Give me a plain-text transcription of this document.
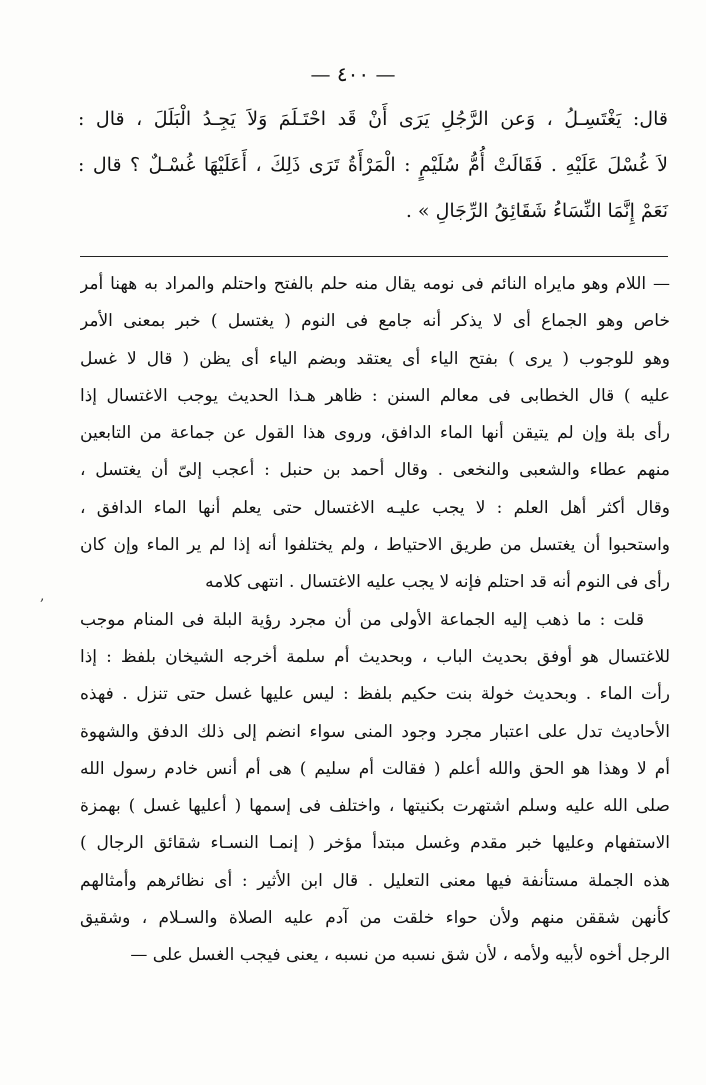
— ٤٠٠ —
قال: يَغْتَسِـلُ ، وَعن الرَّجُلِ يَرَى أَنْ قَد احْتَـلَمَ وَلاَ يَجِـدُ الْبَلَلَ ، قال :
لاَ غُسْلَ عَلَيْهِ . فَقَالَتْ أُمُّ سُلَيْمٍ : الْمَرْأَةُ تَرَى ذَلِكَ ، أَعَلَيْهَا غُسْـلٌ ؟ قال :
نَعَمْ إِنَّمَا النِّسَاءُ شَقَائِقُ الرِّجَالِ » .
— اللام وهو مايراه النائم فى نومه يقال منه حلم بالفتح واحتلم والمراد به ههنا أمر
خاص وهو الجماع أى لا يذكر أنه جامع فى النوم ( يغتسل ) خبر بمعنى الأمر
وهو للوجوب ( يرى ) بفتح الياء أى يعتقد وبضم الياء أى يظن ( قال لا غسل
عليه ) قال الخطابى فى معالم السنن : ظاهر هـذا الحديث يوجب الاغتسال إذا
رأى بلة وإن لم يتيقن أنها الماء الدافق، وروى هذا القول عن جماعة من التابعين
منهم عطاء والشعبى والنخعى . وقال أحمد بن حنبل : أعجب إلىّ أن يغتسل ،
وقال أكثر أهل العلم : لا يجب عليـه الاغتسال حتى يعلم أنها الماء الدافق ،
واستحبوا أن يغتسل من طريق الاحتياط ، ولم يختلفوا أنه إذا لم ير الماء وإن كان
رأى فى النوم أنه قد احتلم فإنه لا يجب عليه الاغتسال . انتهى كلامه
قلت : ما ذهب إليه الجماعة الأولى من أن مجرد رؤية البلة فى المنام موجب
للاغتسال هو أوفق بحديث الباب ، وبحديث أم سلمة أخرجه الشيخان بلفظ : إذا
رأت الماء . وبحديث خولة بنت حكيم بلفظ : ليس عليها غسل حتى تنزل . فهذه
الأحاديث تدل على اعتبار مجرد وجود المنى سواء انضم إلى ذلك الدفق والشهوة
أم لا وهذا هو الحق والله أعلم ( فقالت أم سليم ) هى أم أنس خادم رسول الله
صلى الله عليه وسلم اشتهرت بكنيتها ، واختلف فى إسمها ( أعليها غسل ) بهمزة
الاستفهام وعليها خبر مقدم وغسل مبتدأ مؤخر ( إنمـا النسـاء شقائق الرجال )
هذه الجملة مستأنفة فيها معنى التعليل . قال ابن الأثير : أى نظائرهم وأمثالهم
كأنهن شققن منهم ولأن حواء خلقت من آدم عليه الصلاة والسـلام ، وشقيق
الرجل أخوه لأبيه ولأمه ، لأن شق نسبه من نسبه ، يعنى فيجب الغسل على —
,
